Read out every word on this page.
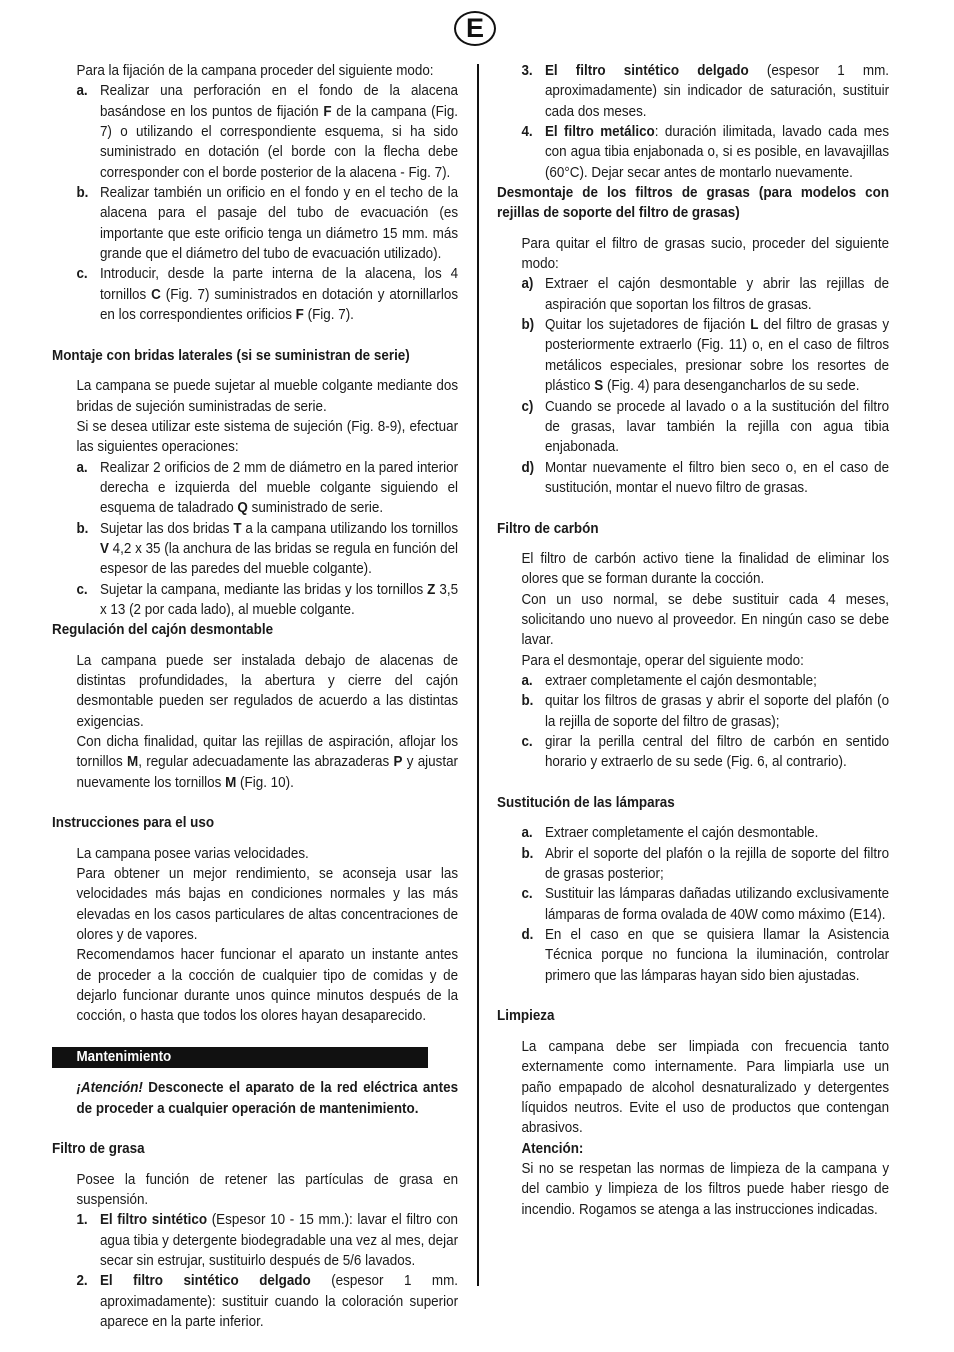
E

Para la fijación de la campana proceder del siguiente modo:

a. Realizar una perforación en el fondo de la alacena basándose en los puntos de fijación F de la campana (Fig. 7) o utilizando el correspondiente esquema, si ha sido suministrado en dotación (el borde con la flecha debe corresponder con el borde posterior de la alacena - Fig. 7).
b. Realizar también un orificio en el fondo y en el techo de la alacena para el pasaje del tubo de evacuación (es importante que este orificio tenga un diámetro 15 mm. más grande que el diámetro del tubo de evacuación utilizado).
c. Introducir, desde la parte interna de la alacena, los 4 tornillos C (Fig. 7) suministrados en dotación y atornillarlos en los correspondientes orificios F (Fig. 7).

Montaje con bridas laterales (si se suministran de serie)

La campana se puede sujetar al mueble colgante mediante dos bridas de sujeción suministradas de serie.

Si se desea utilizar este sistema de sujeción (Fig. 8-9), efectuar las siguientes operaciones:

a. Realizar 2 orificios de 2 mm de diámetro en la pared interior derecha e izquierda del mueble colgante siguiendo el esquema de taladrado Q suministrado de serie.
b. Sujetar las dos bridas T a la campana utilizando los tornillos V 4,2 x 35 (la anchura de las bridas se regula en función del espesor de las paredes del mueble colgante).
c. Sujetar la campana, mediante las bridas y los tornillos Z 3,5 x 13 (2 por cada lado), al mueble colgante.

Regulación del cajón desmontable

La campana puede ser instalada debajo de alacenas de distintas profundidades, la abertura y cierre del cajón desmontable pueden ser regulados de acuerdo a las distintas exigencias.

Con dicha finalidad, quitar las rejillas de aspiración, aflojar los tornillos M, regular adecuadamente las abrazaderas P y ajustar nuevamente los tornillos M (Fig. 10).

Instrucciones para el uso

La campana posee varias velocidades.

Para obtener un mejor rendimiento, se aconseja usar las velocidades más bajas en condiciones normales y las más elevadas en los casos particulares de altas concentraciones de olores y de vapores.

Recomendamos hacer funcionar el aparato un instante antes de proceder a la cocción de cualquier tipo de comidas y de dejarlo funcionar durante unos quince minutos después de la cocción, o hasta que todos los olores hayan desaparecido.

Mantenimiento

¡Atención! Desconecte el aparato de la red eléctrica antes de proceder a cualquier operación de mantenimiento.

Filtro de grasa

Posee la función de retener las partículas de grasa en suspensión.

1. El filtro sintético (Espesor 10 - 15 mm.): lavar el filtro con agua tibia y detergente biodegradable una vez al mes, dejar secar sin estrujar, sustituirlo después de 5/6 lavados.
2. El filtro sintético delgado (espesor 1 mm. aproximadamente): sustituir cuando la coloración superior aparece en la parte inferior.
3. El filtro sintético delgado (espesor 1 mm. aproximadamente) sin indicador de saturación, sustituir cada dos meses.
4. El filtro metálico: duración ilimitada, lavado cada mes con agua tibia enjabonada o, si es posible, en lavavajillas (60°C). Dejar secar antes de montarlo nuevamente.

Desmontaje de los filtros de grasas (para modelos con rejillas de soporte del filtro de grasas)

Para quitar el filtro de grasas sucio, proceder del siguiente modo:

a) Extraer el cajón desmontable y abrir las rejillas de aspiración que soportan los filtros de grasas.
b) Quitar los sujetadores de fijación L del filtro de grasas y posteriormente extraerlo (Fig. 11) o, en el caso de filtros metálicos especiales, presionar sobre los resortes de plástico S (Fig. 4) para desengancharlos de su sede.
c) Cuando se procede al lavado o a la sustitución del filtro de grasas, lavar también la rejilla con agua tibia enjabonada.
d) Montar nuevamente el filtro bien seco o, en el caso de sustitución, montar el nuevo filtro de grasas.

Filtro de carbón

El filtro de carbón activo tiene la finalidad de eliminar los olores que se forman durante la cocción.

Con un uso normal, se debe sustituir cada 4 meses, solicitando uno nuevo al proveedor. En ningún caso se debe lavar.

Para el desmontaje, operar del siguiente modo:

a. extraer completamente el cajón desmontable;
b. quitar los filtros de grasas y abrir el soporte del plafón (o la rejilla de soporte del filtro de grasas);
c. girar la perilla central del filtro de carbón en sentido horario y extraerlo de su sede (Fig. 6, al contrario).

Sustitución de las lámparas

a. Extraer completamente el cajón desmontable.
b. Abrir el soporte del plafón o la rejilla de soporte del filtro de grasas posterior;
c. Sustituir las lámparas dañadas utilizando exclusivamente lámparas de forma ovalada de 40W como máximo (E14).
d. En el caso en que se quisiera llamar la Asistencia Técnica porque no funciona la iluminación, controlar primero que las lámparas hayan sido bien ajustadas.

Limpieza

La campana debe ser limpiada con frecuencia tanto externamente como internamente. Para limpiarla use un paño empapado de alcohol desnaturalizado y detergentes líquidos neutros. Evite el uso de productos que contengan abrasivos.

Atención:

Si no se respetan las normas de limpieza de la campana y del cambio y limpieza de los filtros puede haber riesgo de incendio. Rogamos se atenga a las instrucciones indicadas.
